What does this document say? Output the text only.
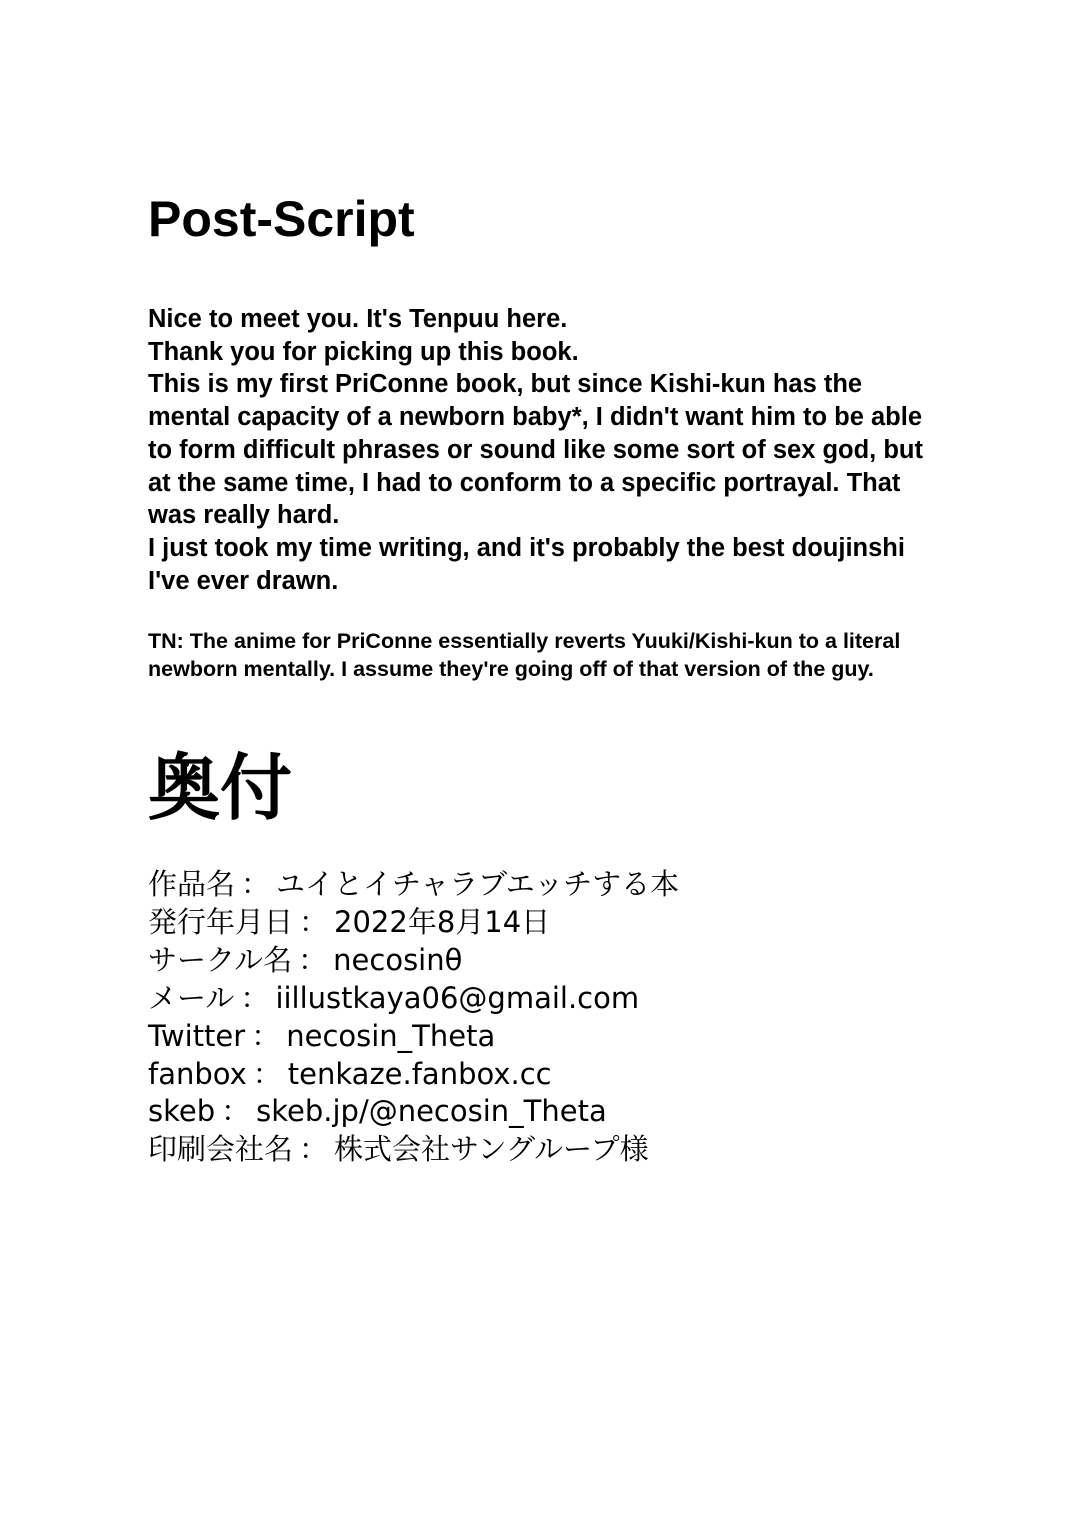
Post-Script
Nice to meet you. It's Tenpuu here.
Thank you for picking up this book.
This is my first PriConne book, but since Kishi-kun has the
mental capacity of a newborn baby*, I didn't want him to be able
to form difficult phrases or sound like some sort of sex god, but
at the same time, I had to conform to a specific portrayal. That
was really hard.
I just took my time writing, and it's probably the best doujinshi
I've ever drawn.
TN: The anime for PriConne essentially reverts Yuuki/Kishi-kun to a literal
newborn mentally. I assume they're going off of that version of the guy.
奥付
作品名 ： ユイとイチャラブエッチする本
発行年月日 ： 2022年8月14日
サークル名 ： necosinθ
メール ： iillustkaya06@gmail.com
Twitter ： necosin_Theta
fanbox ： tenkaze.fanbox.cc
skeb ： skeb.jp/@necosin_Theta
印刷会社名 ： 株式会社サングループ様
